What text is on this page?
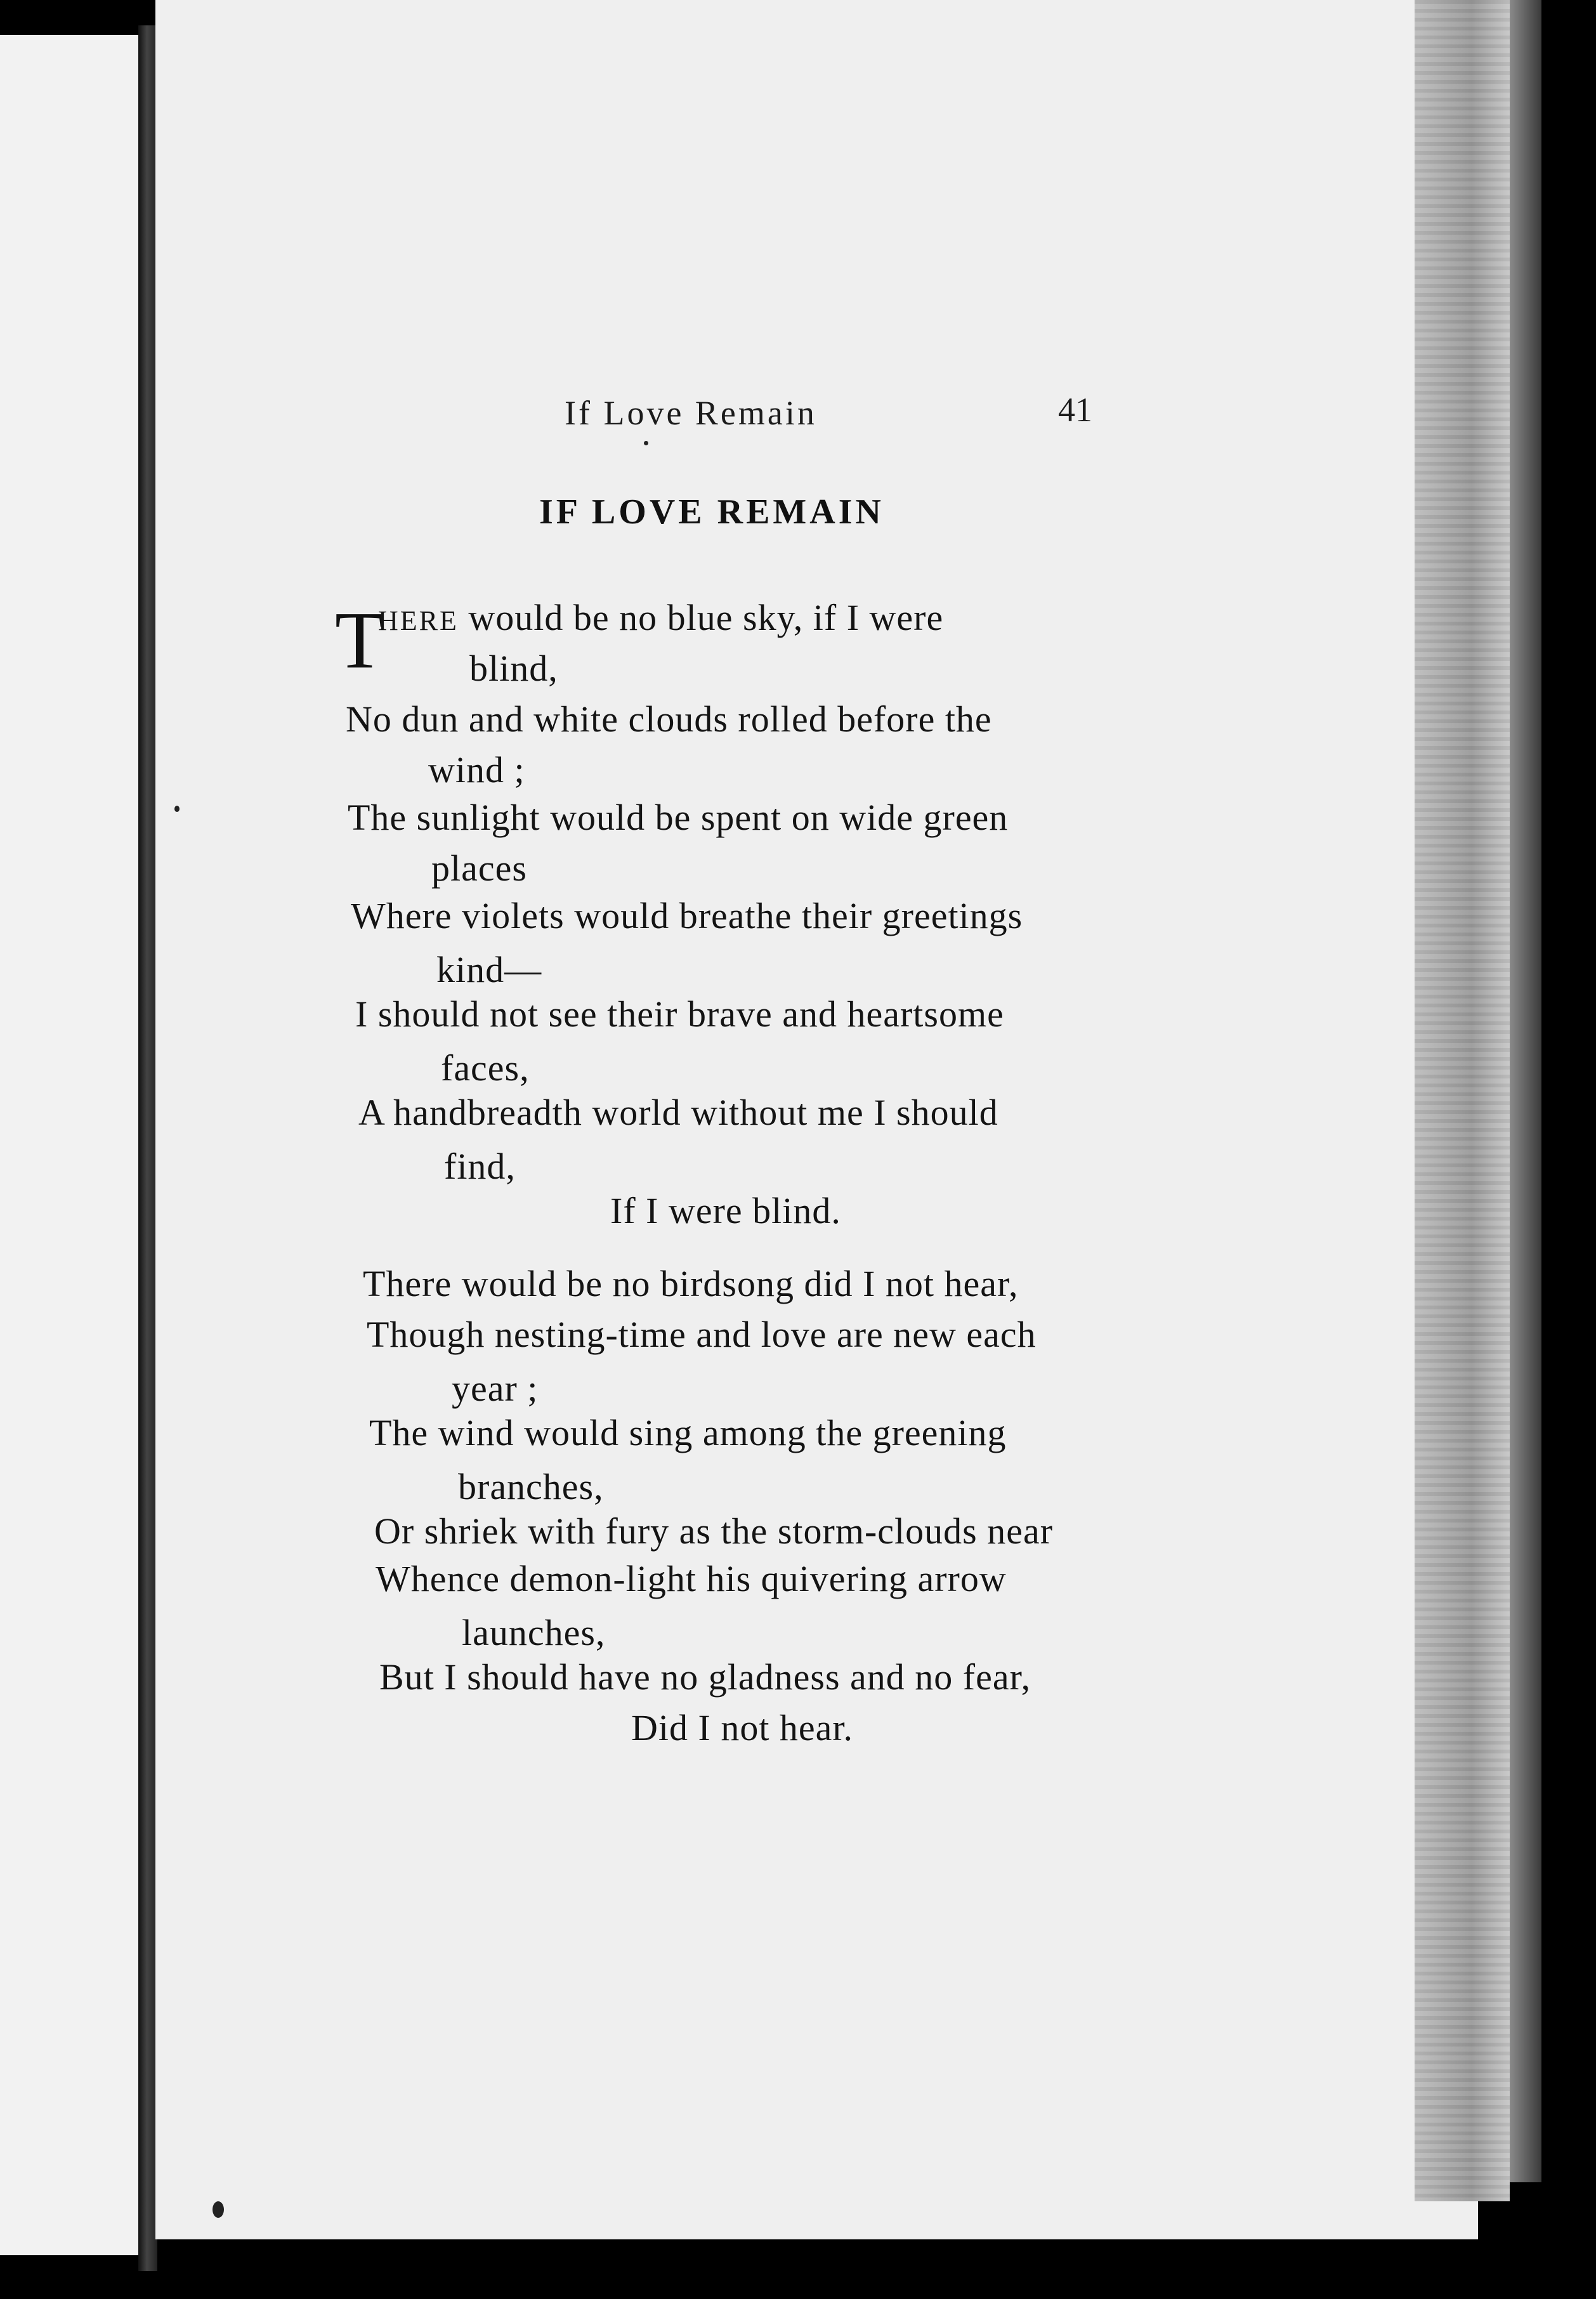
If Love Remain	41
IF LOVE REMAIN
T
HERE would be no blue sky, if I were
blind,
No dun and white clouds rolled before the
wind ;
The sunlight would be spent on wide green
places
Where violets would breathe their greetings
kind—
I should not see their brave and heartsome
faces,
A handbreadth world without me I should
find,
If I were blind.
There would be no birdsong did I not hear,
Though nesting-time and love are new each
year ;
The wind would sing among the greening
branches,
Or shriek with fury as the storm-clouds near
Whence demon-light his quivering arrow
launches,
But I should have no gladness and no fear,
Did I not hear.
